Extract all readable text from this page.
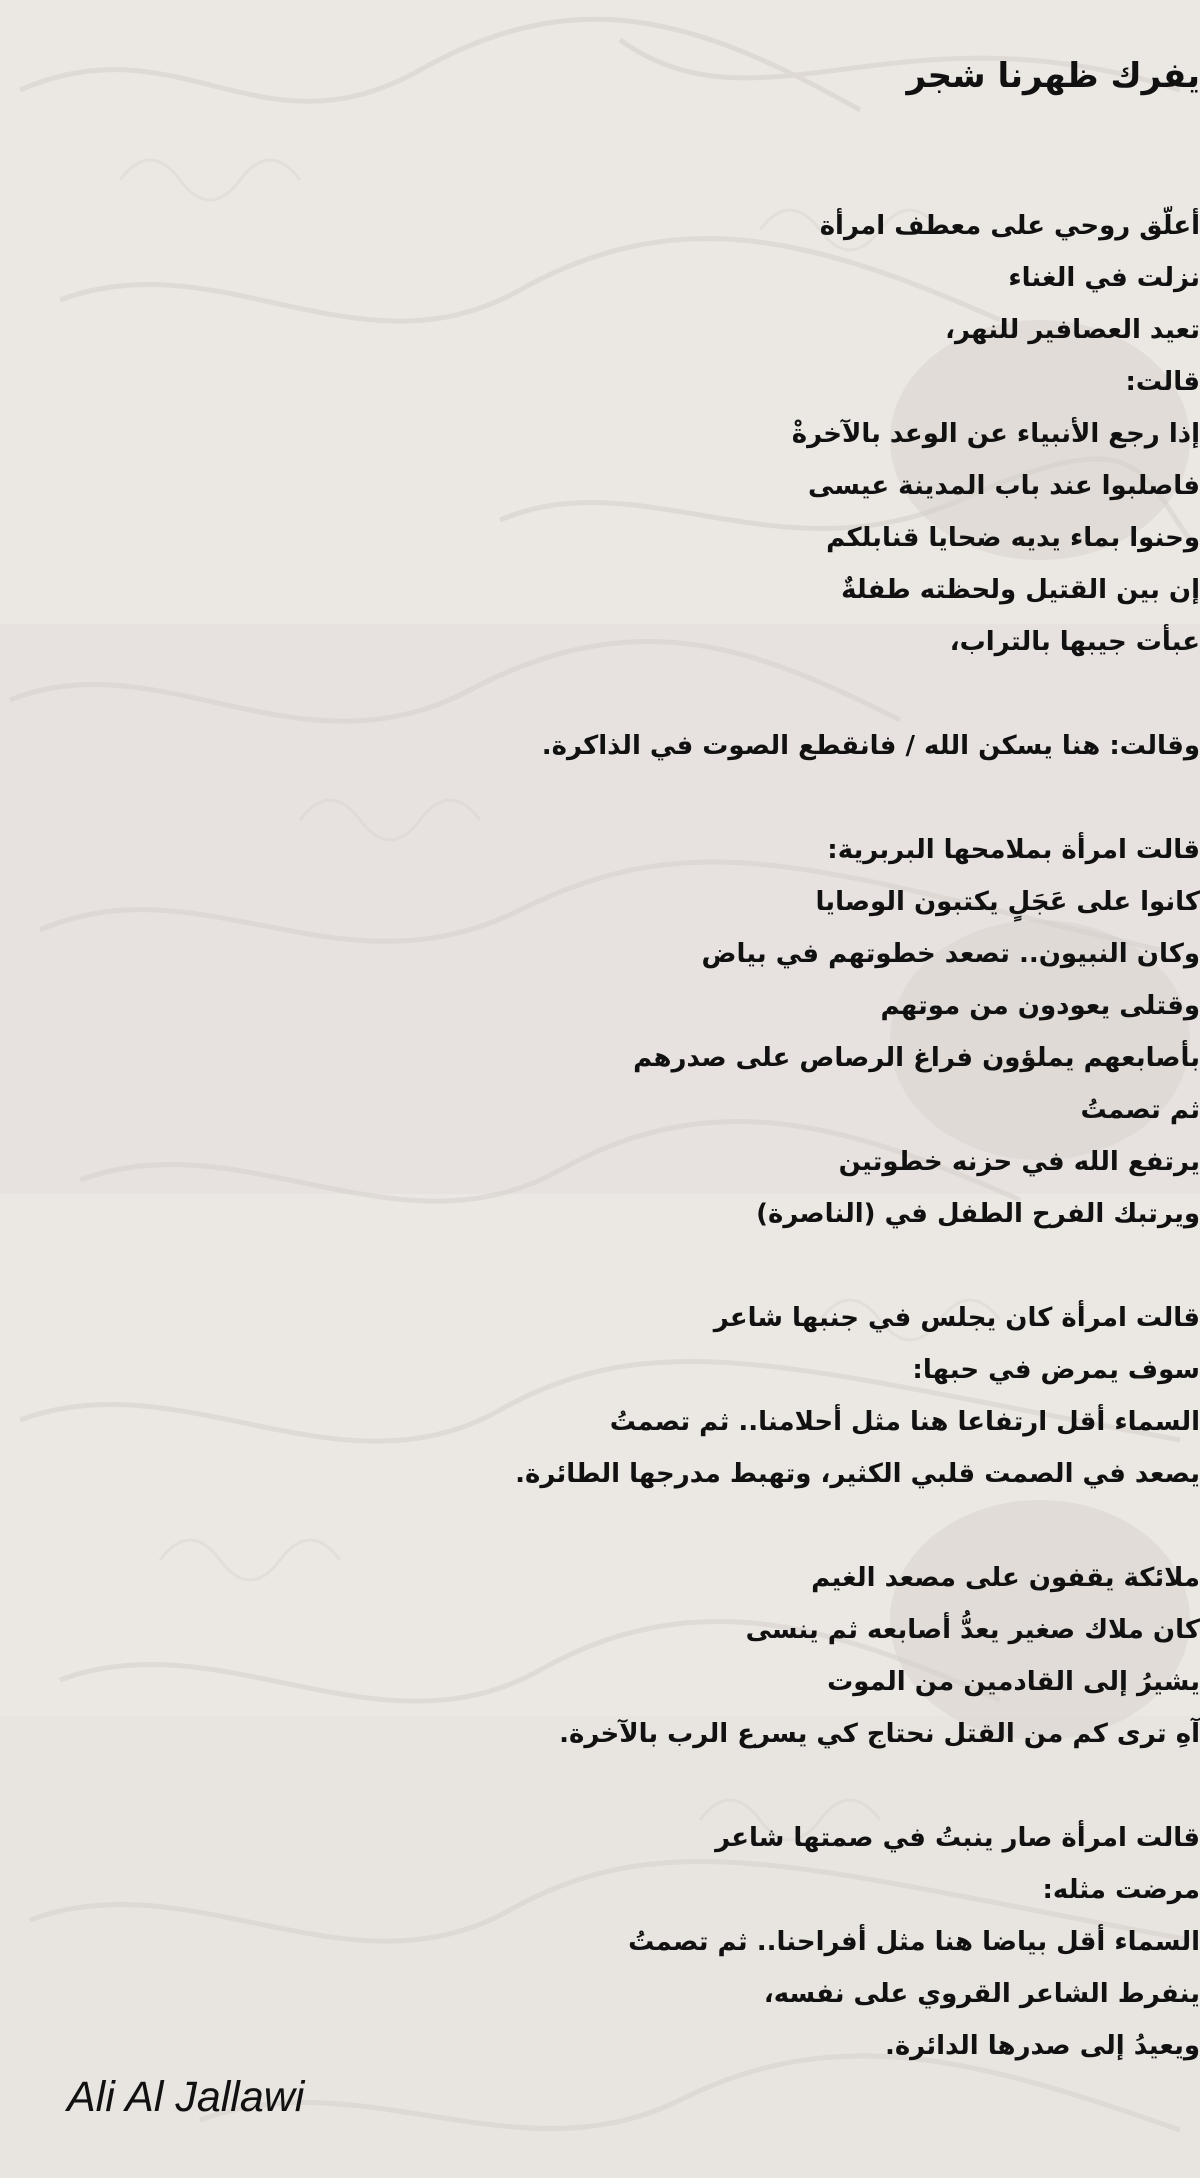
يفرك ظهرنا شجر
أعلّق روحي على معطف امرأة
نزلت في الغناء
تعيد العصافير للنهر،
قالت:
إذا رجع الأنبياء عن الوعد بالآخرةْ
فاصلبوا عند باب المدينة عيسى
وحنوا بماء يديه ضحايا قنابلكم
إن بين القتيل ولحظته طفلةٌ
عبأت جيبها بالتراب،
وقالت: هنا يسكن الله / فانقطع الصوت في الذاكرة.
قالت امرأة بملامحها البربرية:
كانوا على عَجَلٍ يكتبون الوصايا
وكان النبيون.. تصعد خطوتهم في بياض
وقتلى يعودون من موتهم
بأصابعهم يملؤون فراغ الرصاص على صدرهم
ثم تصمتُ
يرتفع الله في حزنه خطوتين
ويرتبك الفرح الطفل في (الناصرة)
قالت امرأة كان يجلس في جنبها شاعر
سوف يمرض في حبها:
السماء أقل ارتفاعا هنا مثل أحلامنا.. ثم تصمتُ
يصعد في الصمت قلبي الكثير، وتهبط مدرجها الطائرة.
ملائكة يقفون على مصعد الغيم
كان ملاك صغير يعدُّ أصابعه ثم ينسى
يشيرُ إلى القادمين من الموت
آهِ ترى كم من القتل نحتاج كي يسرع الرب بالآخرة.
قالت امرأة صار ينبتُ في صمتها شاعر
مرضت مثله:
السماء أقل بياضا هنا مثل أفراحنا.. ثم تصمتُ
ينفرط الشاعر القروي على نفسه،
ويعيدُ إلى صدرها الدائرة.
Ali Al Jallawi
